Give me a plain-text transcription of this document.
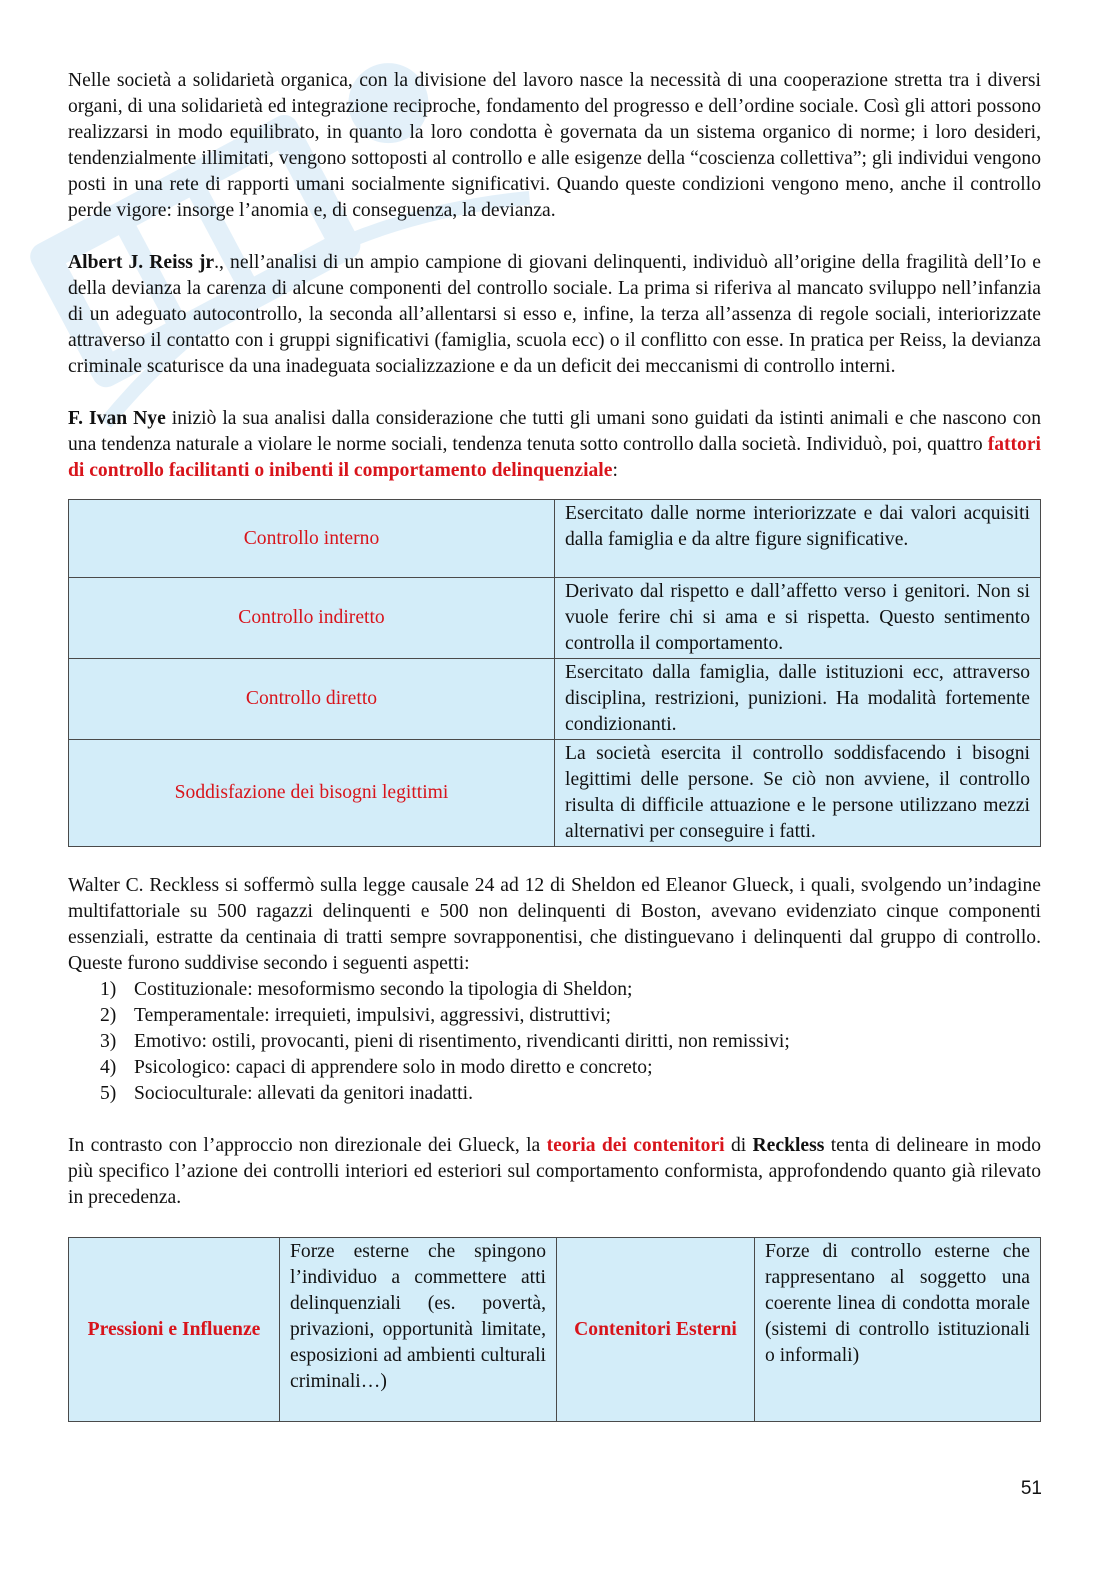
Nelle società a solidarietà organica, con la divisione del lavoro nasce la necessità di una cooperazione stretta tra i diversi organi, di una solidarietà ed integrazione reciproche, fondamento del progresso e dell’ordine sociale. Così gli attori possono realizzarsi in modo equilibrato, in quanto la loro condotta è governata da un sistema organico di norme; i loro desideri, tendenzialmente illimitati, vengono sottoposti al controllo e alle esigenze della “coscienza collettiva”; gli individui vengono posti in una rete di rapporti umani socialmente significativi. Quando queste condizioni vengono meno, anche il controllo perde vigore: insorge l’anomia e, di conseguenza, la devianza.

Albert J. Reiss jr., nell’analisi di un ampio campione di giovani delinquenti, individuò all’origine della fragilità dell’Io e della devianza la carenza di alcune componenti del controllo sociale. La prima si riferiva al mancato sviluppo nell’infanzia di un adeguato autocontrollo, la seconda all’allentarsi si esso e, infine, la terza all’assenza di regole sociali, interiorizzate attraverso il contatto con i gruppi significativi (famiglia, scuola ecc) o il conflitto con esse. In pratica per Reiss, la devianza criminale scaturisce da una inadeguata socializzazione e da un deficit dei meccanismi di controllo interni.

F. Ivan Nye iniziò la sua analisi dalla considerazione che tutti gli umani sono guidati da istinti animali e che nascono con una tendenza naturale a violare le norme sociali, tendenza tenuta sotto controllo dalla società. Individuò, poi, quattro fattori di controllo facilitanti o inibenti il comportamento delinquenziale:

Controllo interno	Esercitato dalle norme interiorizzate e dai valori acquisiti dalla famiglia e da altre figure significative.
Controllo indiretto	Derivato dal rispetto e dall’affetto verso i genitori. Non si vuole ferire chi si ama e si rispetta. Questo sentimento controlla il comportamento.
Controllo diretto	Esercitato dalla famiglia, dalle istituzioni ecc, attraverso disciplina, restrizioni, punizioni. Ha modalità fortemente condizionanti.
Soddisfazione dei bisogni legittimi	La società esercita il controllo soddisfacendo i bisogni legittimi delle persone. Se ciò non avviene, il controllo risulta di difficile attuazione e le persone utilizzano mezzi alternativi per conseguire i fatti.

Walter C. Reckless si soffermò sulla legge causale 24 ad 12 di Sheldon ed Eleanor Glueck, i quali, svolgendo un’indagine multifattoriale su 500 ragazzi delinquenti e 500 non delinquenti di Boston, avevano evidenziato cinque componenti essenziali, estratte da centinaia di tratti sempre sovrapponentisi, che distinguevano i delinquenti dal gruppo di controllo. Queste furono suddivise secondo i seguenti aspetti:

1) Costituzionale: mesoformismo secondo la tipologia di Sheldon;
2) Temperamentale: irrequieti, impulsivi, aggressivi, distruttivi;
3) Emotivo: ostili, provocanti, pieni di risentimento, rivendicanti diritti, non remissivi;
4) Psicologico: capaci di apprendere solo in modo diretto e concreto;
5) Socioculturale: allevati da genitori inadatti.

In contrasto con l’approccio non direzionale dei Glueck, la teoria dei contenitori di Reckless tenta di delineare in modo più specifico l’azione dei controlli interiori ed esteriori sul comportamento conformista, approfondendo quanto già rilevato in precedenza.

Pressioni e Influenze	Forze esterne che spingono l’individuo a commettere atti delinquenziali (es. povertà, privazioni, opportunità limitate, esposizioni ad ambienti culturali criminali…)	Contenitori Esterni	Forze di controllo esterne che rappresentano al soggetto una coerente linea di condotta morale (sistemi di controllo istituzionali o informali)
51
